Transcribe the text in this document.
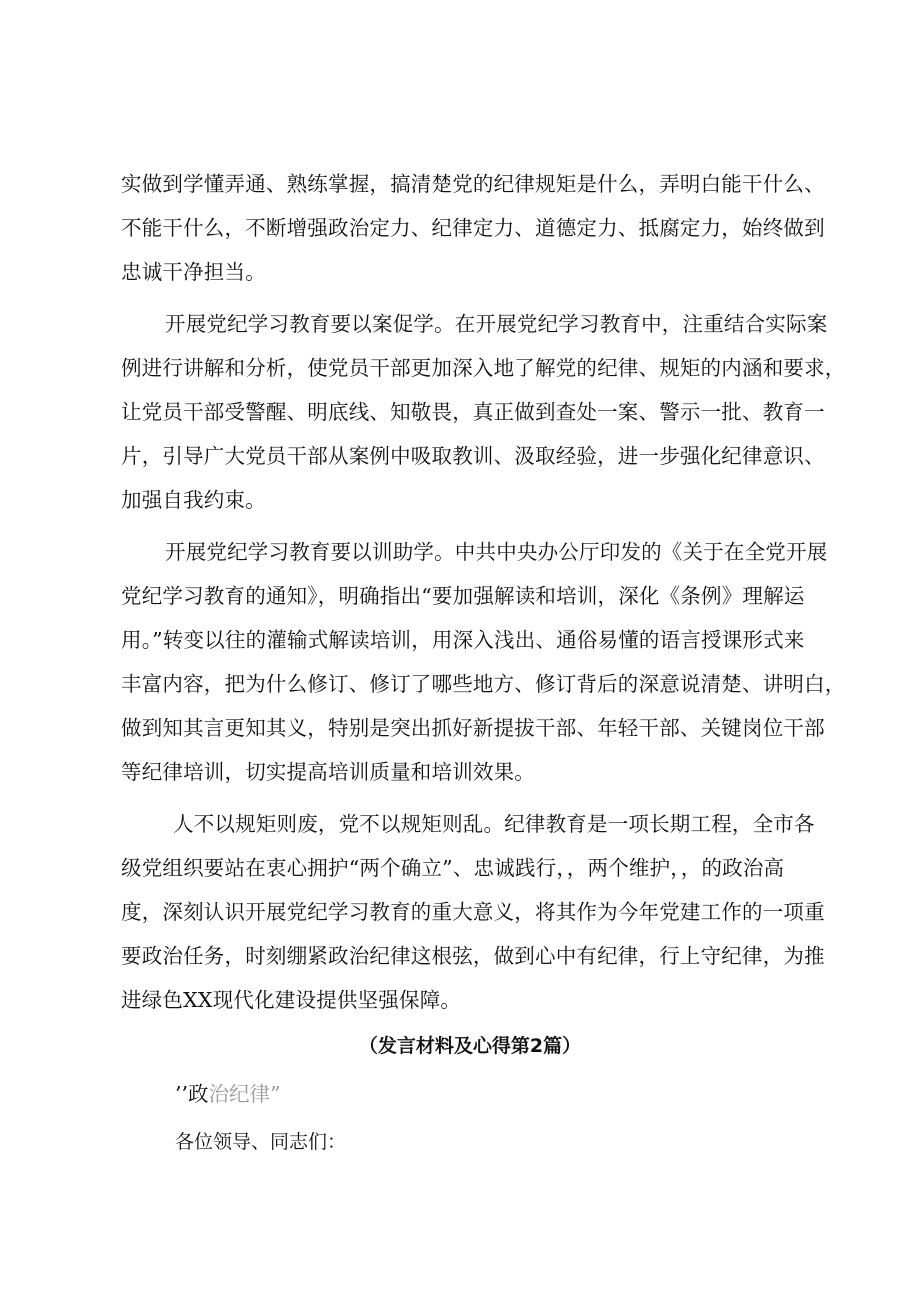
实做到学懂弄通、熟练掌握，搞清楚党的纪律规矩是什么，弄明白能干什么、
不能干什么，不断增强政治定力、纪律定力、道德定力、抵腐定力，始终做到
忠诚干净担当。
开展党纪学习教育要以案促学。在开展党纪学习教育中，注重结合实际案
例进行讲解和分析，使党员干部更加深入地了解党的纪律、规矩的内涵和要求，
让党员干部受警醒、明底线、知敬畏，真正做到查处一案、警示一批、教育一
片，引导广大党员干部从案例中吸取教训、汲取经验，进一步强化纪律意识、
加强自我约束。
开展党纪学习教育要以训助学。中共中央办公厅印发的《关于在全党开展
党纪学习教育的通知》，明确指出“要加强解读和培训，深化《条例》理解运
用。”转变以往的灌输式解读培训，用深入浅出、通俗易懂的语言授课形式来
丰富内容，把为什么修订、修订了哪些地方、修订背后的深意说清楚、讲明白，
做到知其言更知其义，特别是突出抓好新提拔干部、年轻干部、关键岗位干部
等纪律培训，切实提高培训质量和培训效果。
人不以规矩则废，党不以规矩则乱。纪律教育是一项长期工程，全市各
级党组织要站在衷心拥护“两个确立”、忠诚践行，，两个维护，，的政治高
度，深刻认识开展党纪学习教育的重大意义，将其作为今年党建工作的一项重
要政治任务，时刻绷紧政治纪律这根弦，做到心中有纪律，行上守纪律，为推
进绿色XX现代化建设提供坚强保障。
（发言材料及心得第2篇）
’’政治纪律”
各位领导、同志们：
